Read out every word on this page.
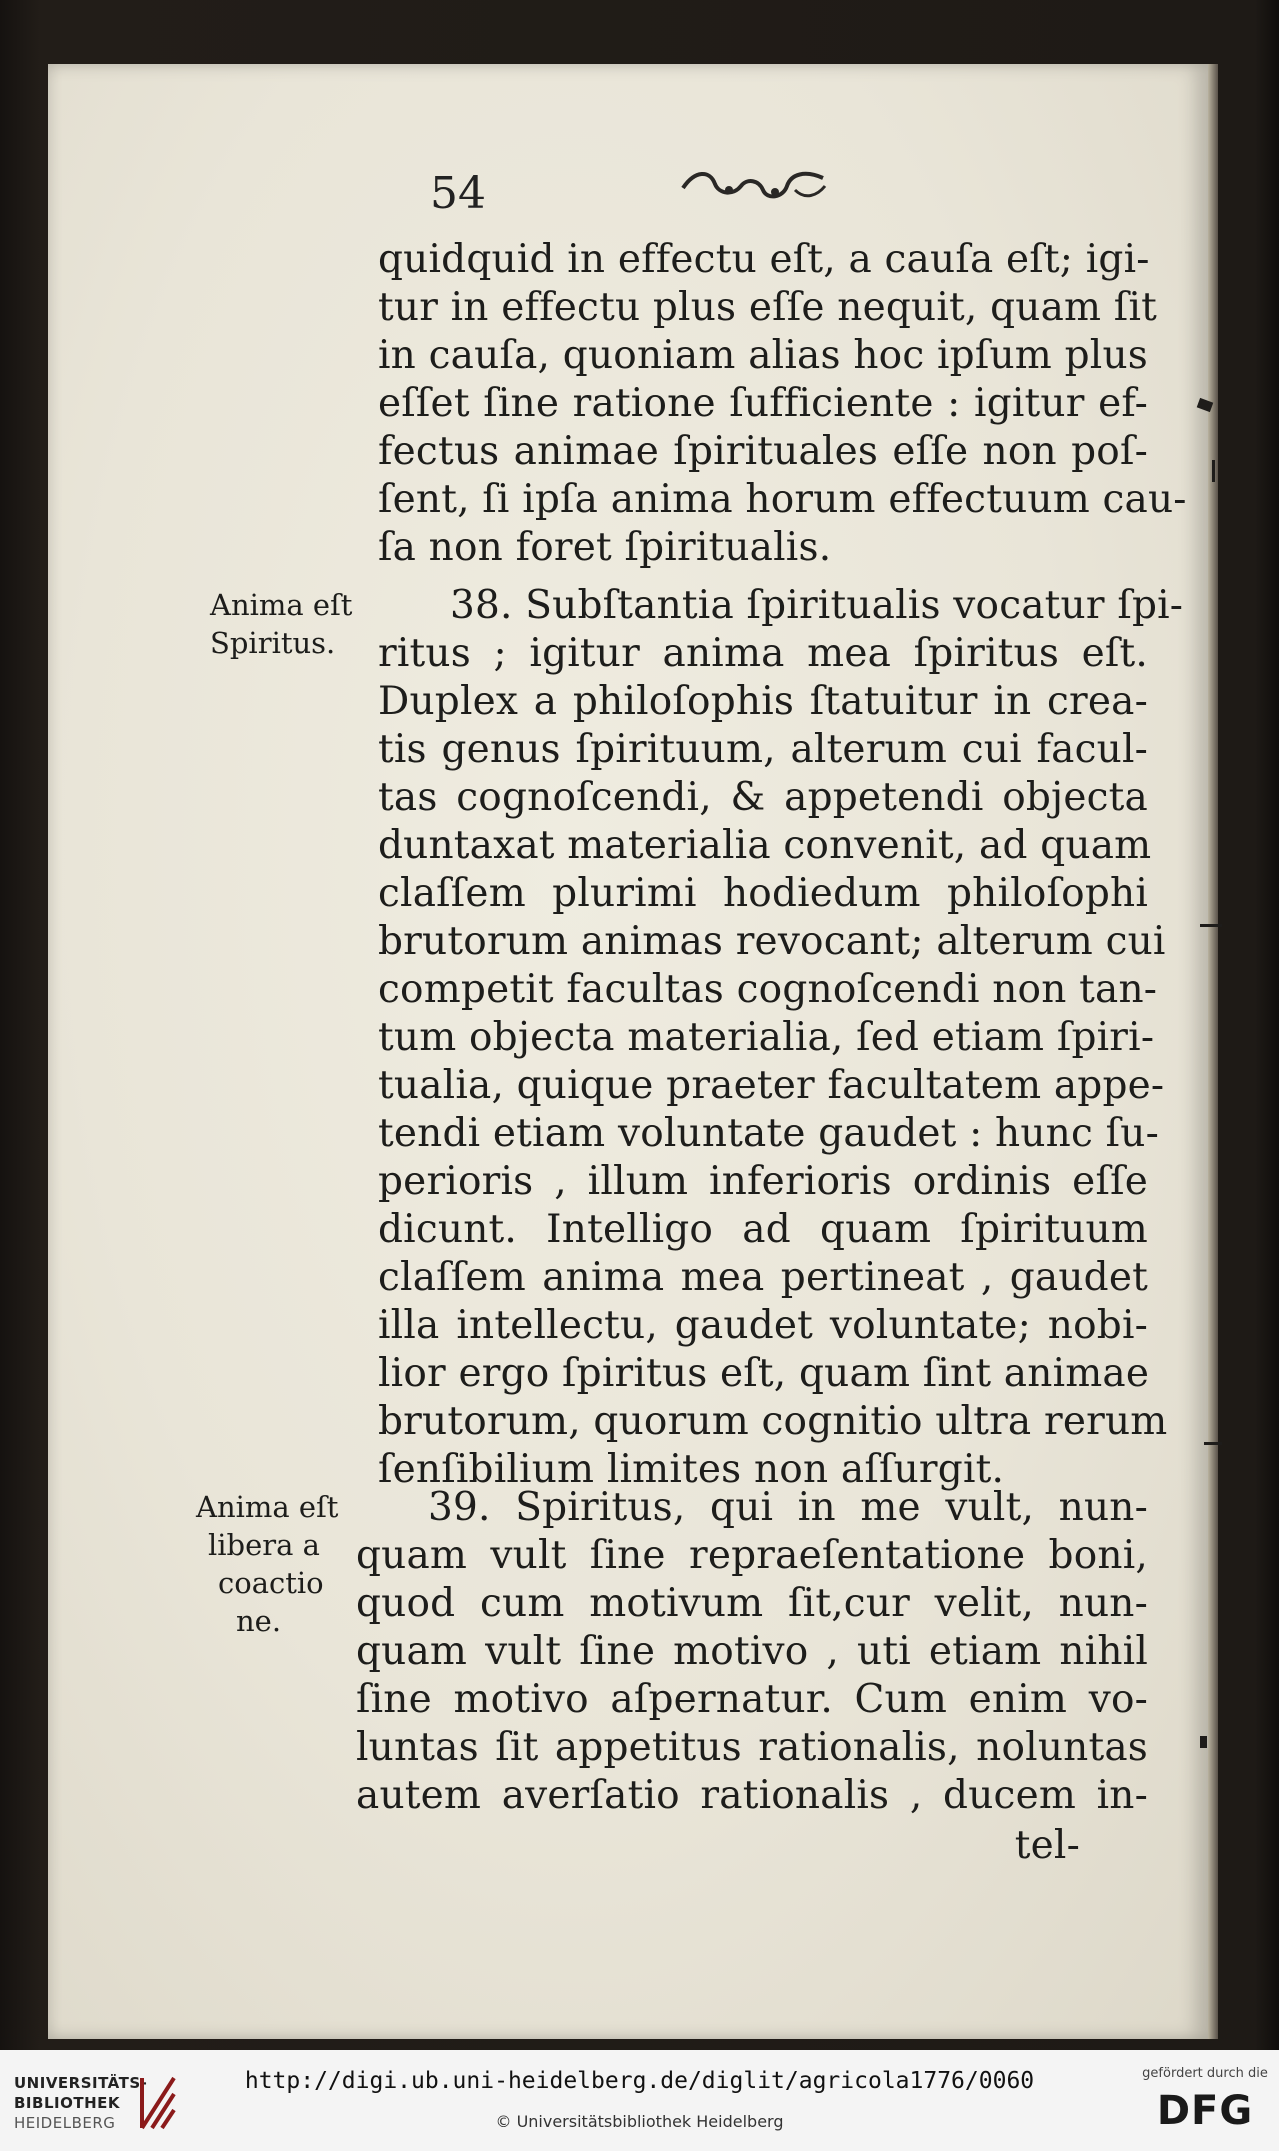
54
quidquid in effectu eſt, a cauſa eſt; igi-
tur in effectu plus eſſe nequit, quam ſit
in cauſa, quoniam alias hoc ipſum plus
eſſet ſine ratione ſufficiente : igitur ef-
fectus animae ſpirituales eſſe non poſ-
ſent, ſi ipſa anima horum effectuum cau-
ſa non foret ſpiritualis.
Anima eſt
Spiritus.
38. Subſtantia ſpiritualis vocatur ſpi-
ritus ; igitur anima mea ſpiritus eſt.
Duplex a philoſophis ſtatuitur in crea-
tis genus ſpirituum, alterum cui facul-
tas cognoſcendi, & appetendi objecta
duntaxat materialia convenit, ad quam
claſſem plurimi hodiedum philoſophi
brutorum animas revocant; alterum cui
competit facultas cognoſcendi non tan-
tum objecta materialia, ſed etiam ſpiri-
tualia, quique praeter facultatem appe-
tendi etiam voluntate gaudet : hunc ſu-
perioris , illum inferioris ordinis eſſe
dicunt. Intelligo ad quam ſpirituum
claſſem anima mea pertineat , gaudet
illa intellectu, gaudet voluntate; nobi-
lior ergo ſpiritus eſt, quam ſint animae
brutorum, quorum cognitio ultra rerum
ſenſibilium limites non aſſurgit.
Anima eſt
libera a
coactio
ne.
39. Spiritus, qui in me vult, nun-
quam vult ſine repraeſentatione boni,
quod cum motivum ſit,cur velit, nun-
quam vult ſine motivo , uti etiam nihil
ſine motivo aſpernatur. Cum enim vo-
luntas ſit appetitus rationalis, noluntas
autem averſatio rationalis , ducem in-
tel-
UNIVERSITÄTS-
BIBLIOTHEK
HEIDELBERG
http://digi.ub.uni-heidelberg.de/diglit/agricola1776/0060
© Universitätsbibliothek Heidelberg
gefördert durch die
DFG
